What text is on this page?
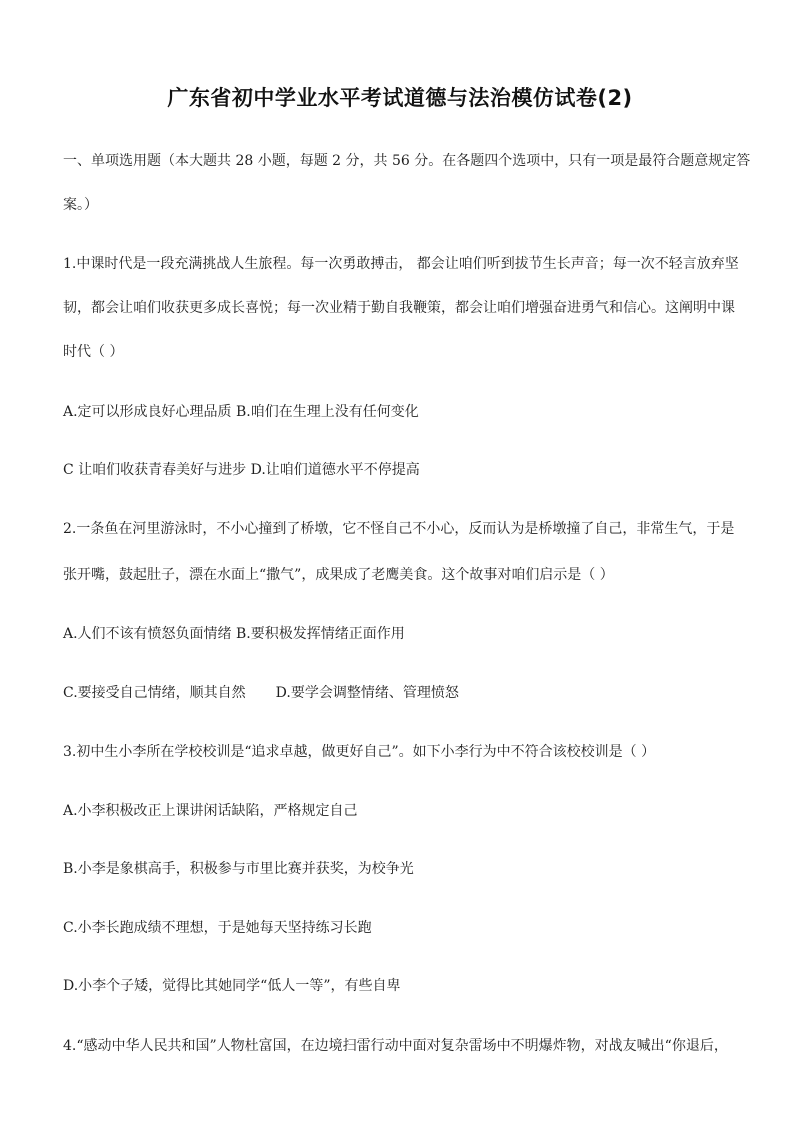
广东省初中学业水平考试道德与法治模仿试卷(2)
一、单项选用题（本大题共 28 小题，每题 2 分，共 56 分。在各题四个选项中，只有一项是最符合题意规定答
案。）
1.中课时代是一段充满挑战人生旅程。每一次勇敢搏击， 都会让咱们听到拔节生长声音；每一次不轻言放弃坚
韧，都会让咱们收获更多成长喜悦；每一次业精于勤自我鞭策，都会让咱们增强奋进勇气和信心。这阐明中课
时代（ ）
A.定可以形成良好心理品质 B.咱们在生理上没有任何变化
C 让咱们收获青春美好与进步 D.让咱们道德水平不停提高
2.一条鱼在河里游泳时，不小心撞到了桥墩，它不怪自己不小心，反而认为是桥墩撞了自己，非常生气，于是
张开嘴，鼓起肚子，漂在水面上“撒气”，成果成了老鹰美食。这个故事对咱们启示是（ ）
A.人们不该有愤怒负面情绪 B.要积极发挥情绪正面作用
C.要接受自己情绪，顺其自然 D.要学会调整情绪、管理愤怒
3.初中生小李所在学校校训是“追求卓越，做更好自己”。如下小李行为中不符合该校校训是（ ）
A.小李积极改正上课讲闲话缺陷，严格规定自己
B.小李是象棋高手，积极参与市里比赛并获奖，为校争光
C.小李长跑成绩不理想，于是她每天坚持练习长跑
D.小李个子矮，觉得比其她同学“低人一等”，有些自卑
4.“感动中华人民共和国”人物杜富国，在边境扫雷行动中面对复杂雷场中不明爆炸物，对战友喊出“你退后，
